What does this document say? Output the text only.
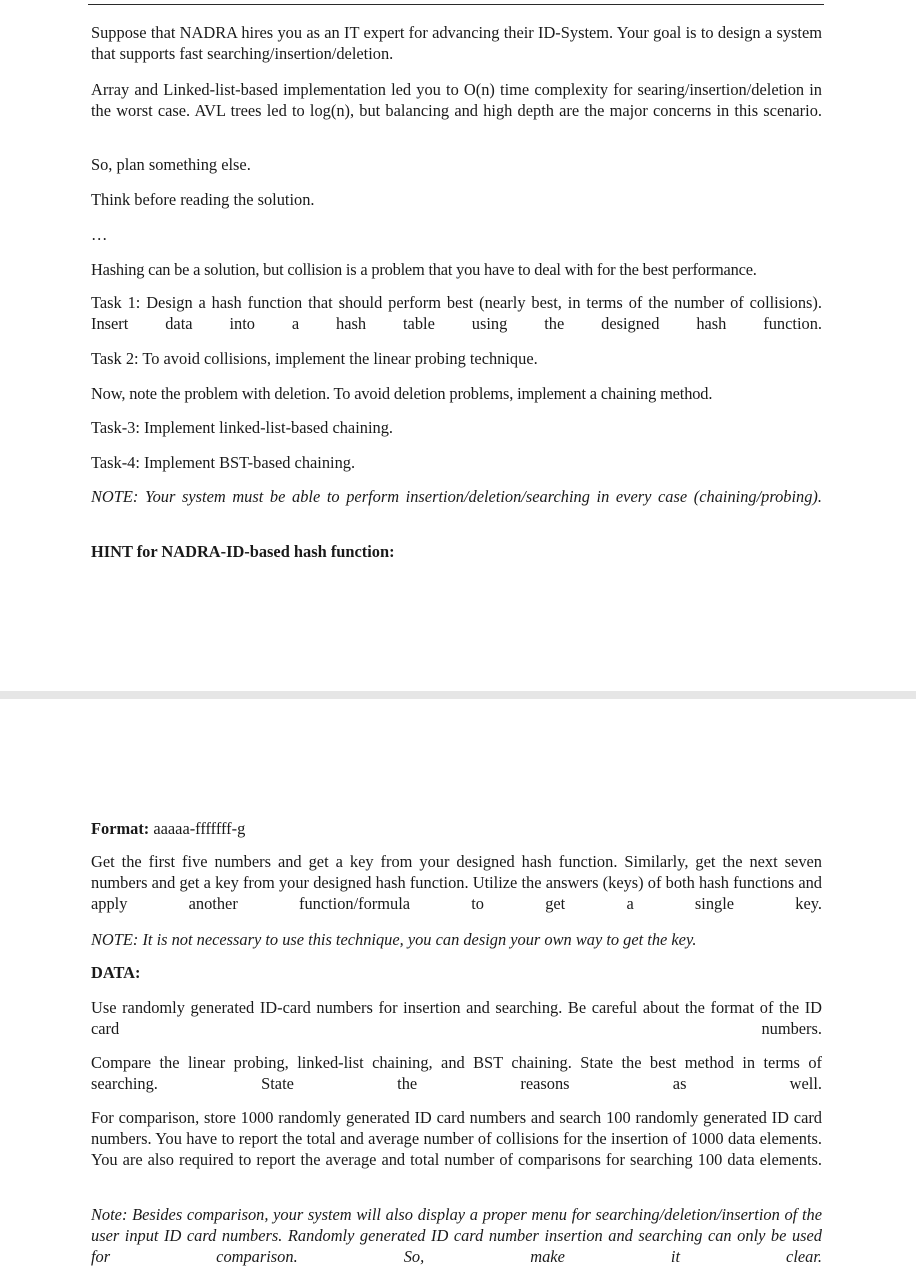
Suppose that NADRA hires you as an IT expert for advancing their ID-System. Your goal is to design a system that supports fast searching/insertion/deletion.

Array and Linked-list-based implementation led you to O(n) time complexity for searing/insertion/deletion in the worst case. AVL trees led to log(n), but balancing and high depth are the major concerns in this scenario.

So, plan something else.

Think before reading the solution.

…

Hashing can be a solution, but collision is a problem that you have to deal with for the best performance.

Task 1: Design a hash function that should perform best (nearly best, in terms of the number of collisions). Insert data into a hash table using the designed hash function.

Task 2: To avoid collisions, implement the linear probing technique.

Now, note the problem with deletion. To avoid deletion problems, implement a chaining method.

Task-3: Implement linked-list-based chaining.

Task-4: Implement BST-based chaining.

NOTE: Your system must be able to perform insertion/deletion/searching in every case (chaining/probing).

HINT for NADRA-ID-based hash function:

Format: aaaaa-fffffff-g

Get the first five numbers and get a key from your designed hash function. Similarly, get the next seven numbers and get a key from your designed hash function. Utilize the answers (keys) of both hash functions and apply another function/formula to get a single key.

NOTE: It is not necessary to use this technique, you can design your own way to get the key.

DATA:

Use randomly generated ID-card numbers for insertion and searching. Be careful about the format of the ID card numbers.

Compare the linear probing, linked-list chaining, and BST chaining. State the best method in terms of searching. State the reasons as well.

For comparison, store 1000 randomly generated ID card numbers and search 100 randomly generated ID card numbers. You have to report the total and average number of collisions for the insertion of 1000 data elements. You are also required to report the average and total number of comparisons for searching 100 data elements.

Note: Besides comparison, your system will also display a proper menu for searching/deletion/insertion of the user input ID card numbers. Randomly generated ID card number insertion and searching can only be used for comparison. So, make it clear.
